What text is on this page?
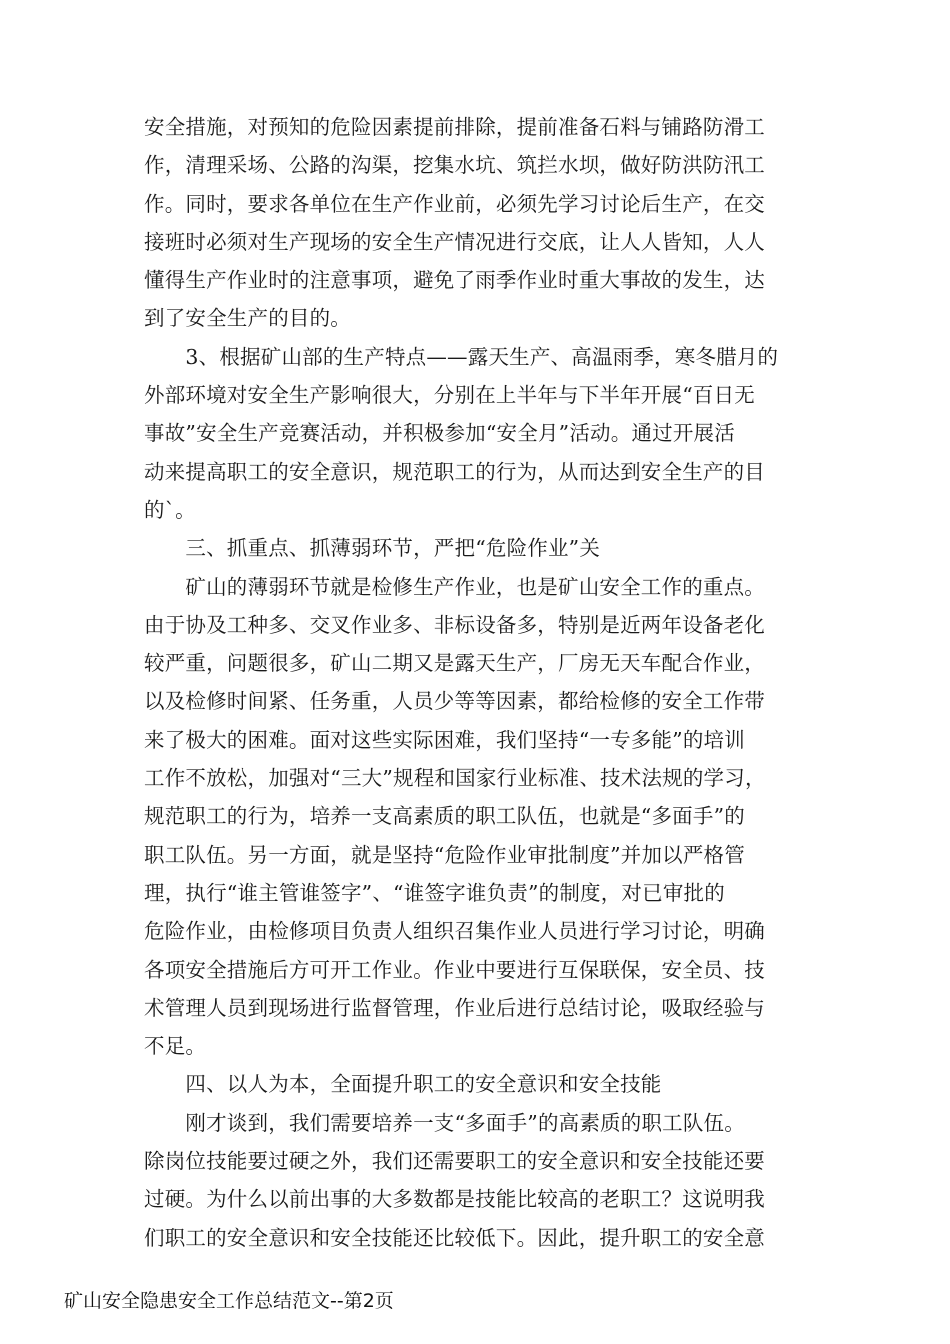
安全措施，对预知的危险因素提前排除，提前准备石料与铺路防滑工
作，清理采场、公路的沟渠，挖集水坑、筑拦水坝，做好防洪防汛工
作。同时，要求各单位在生产作业前，必须先学习讨论后生产，在交
接班时必须对生产现场的安全生产情况进行交底，让人人皆知，人人
懂得生产作业时的注意事项，避免了雨季作业时重大事故的发生，达
到了安全生产的目的。
　　3、根据矿山部的生产特点——露天生产、高温雨季，寒冬腊月的
外部环境对安全生产影响很大，分别在上半年与下半年开展“百日无
事故”安全生产竞赛活动，并积极参加“安全月”活动。通过开展活
动来提高职工的安全意识，规范职工的行为，从而达到安全生产的目
的`。
　　三、抓重点、抓薄弱环节，严把“危险作业”关
　　矿山的薄弱环节就是检修生产作业，也是矿山安全工作的重点。
由于协及工种多、交叉作业多、非标设备多，特别是近两年设备老化
较严重，问题很多，矿山二期又是露天生产，厂房无天车配合作业，
以及检修时间紧、任务重，人员少等等因素，都给检修的安全工作带
来了极大的困难。面对这些实际困难，我们坚持“一专多能”的培训
工作不放松，加强对“三大”规程和国家行业标准、技术法规的学习，
规范职工的行为，培养一支高素质的职工队伍，也就是“多面手”的
职工队伍。另一方面，就是坚持“危险作业审批制度”并加以严格管
理，执行“谁主管谁签字”、“谁签字谁负责”的制度，对已审批的
危险作业，由检修项目负责人组织召集作业人员进行学习讨论，明确
各项安全措施后方可开工作业。作业中要进行互保联保，安全员、技
术管理人员到现场进行监督管理，作业后进行总结讨论，吸取经验与
不足。
　　四、以人为本，全面提升职工的安全意识和安全技能
　　刚才谈到，我们需要培养一支“多面手”的高素质的职工队伍。
除岗位技能要过硬之外，我们还需要职工的安全意识和安全技能还要
过硬。为什么以前出事的大多数都是技能比较高的老职工？这说明我
们职工的安全意识和安全技能还比较低下。因此，提升职工的安全意
矿山安全隐患安全工作总结范文--第2页
